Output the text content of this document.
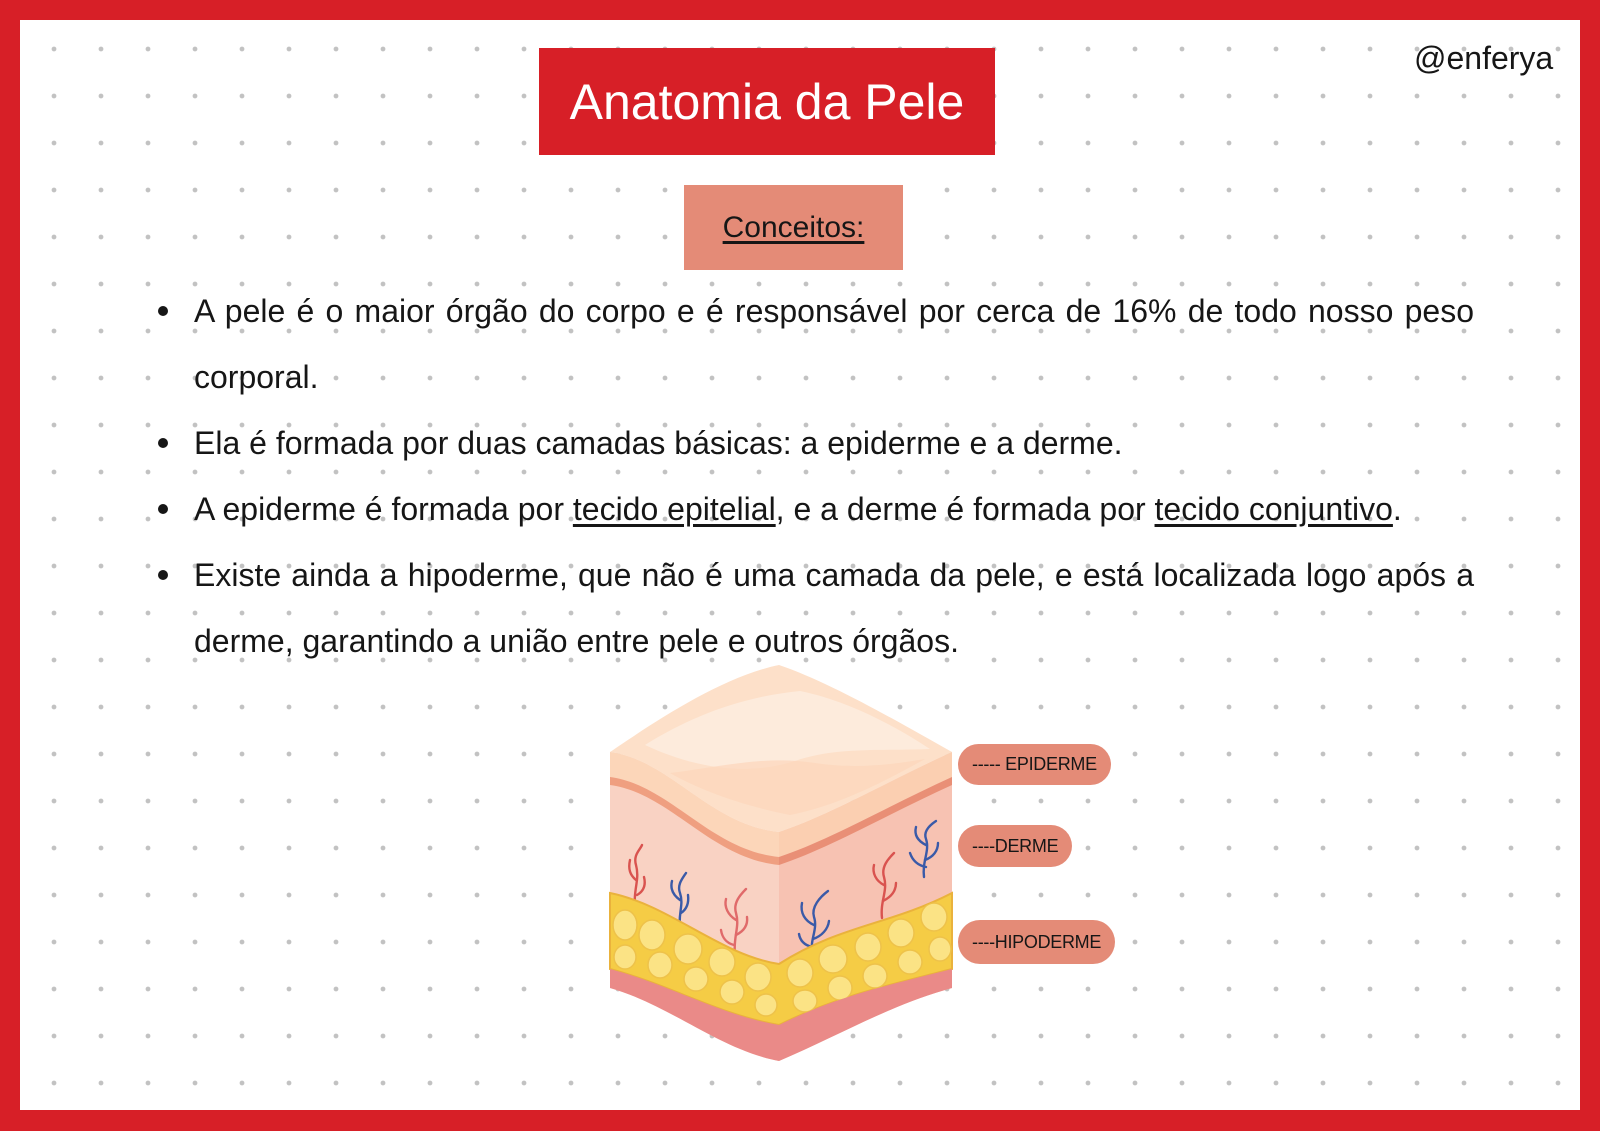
@enferya
Anatomia da Pele
Conceitos:
A pele é o maior órgão do corpo e é responsável por cerca de 16% de todo nosso peso corporal.
Ela é formada por duas camadas básicas: a epiderme e a derme.
A epiderme é formada por tecido epitelial, e a derme é formada por tecido conjuntivo.
Existe ainda a hipoderme, que não é uma camada da pele, e está localizada logo após a derme, garantindo a união entre pele e outros órgãos.
----- EPIDERME
----DERME
----HIPODERME
